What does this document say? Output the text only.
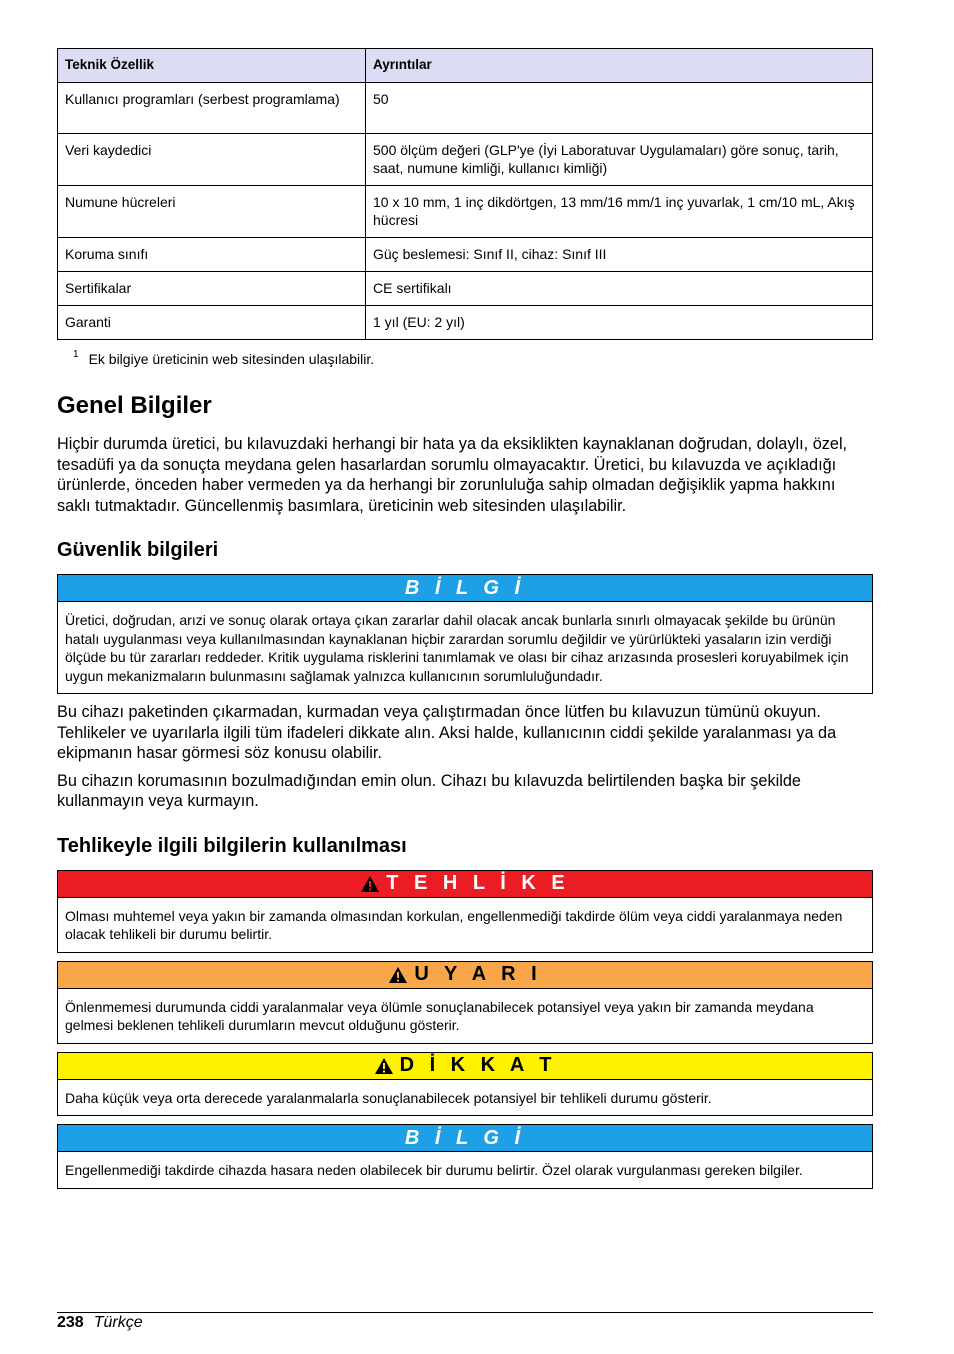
Teknik Özellik	Ayrıntılar
Kullanıcı programları (serbest programlama)	50
Veri kaydedici	500 ölçüm değeri (GLP'ye (İyi Laboratuvar Uygulamaları) göre sonuç, tarih, saat, numune kimliği, kullanıcı kimliği)
Numune hücreleri	10 x 10 mm, 1 inç dikdörtgen, 13 mm/16 mm/1 inç yuvarlak, 1 cm/10 mL, Akış hücresi
Koruma sınıfı	Güç beslemesi: Sınıf II, cihaz: Sınıf III
Sertifikalar	CE sertifikalı
Garanti	1 yıl (EU: 2 yıl)
$^1$ Ek bilgiye üreticinin web sitesinden ulaşılabilir.
Genel Bilgiler

Hiçbir durumda üretici, bu kılavuzdaki herhangi bir hata ya da eksiklikten kaynaklanan doğrudan, dolaylı, özel, tesadüfi ya da sonuçta meydana gelen hasarlardan sorumlu olmayacaktır. Üretici, bu kılavuzda ve açıkladığı ürünlerde, önceden haber vermeden ya da herhangi bir zorunluluğa sahip olmadan değişiklik yapma hakkını saklı tutmaktadır. Güncellenmiş basımlara, üreticinin web sitesinden ulaşılabilir.

Güvenlik bilgileri
B İ L G İ
Üretici, doğrudan, arızi ve sonuç olarak ortaya çıkan zararlar dahil olacak ancak bunlarla sınırlı olmayacak şekilde bu ürünün hatalı uygulanması veya kullanılmasından kaynaklanan hiçbir zarardan sorumlu değildir ve yürürlükteki yasaların izin verdiği ölçüde bu tür zararları reddeder. Kritik uygulama risklerini tanımlamak ve olası bir cihaz arızasında prosesleri koruyabilmek için uygun mekanizmaların bulunmasını sağlamak yalnızca kullanıcının sorumluluğundadır.

Bu cihazı paketinden çıkarmadan, kurmadan veya çalıştırmadan önce lütfen bu kılavuzun tümünü okuyun. Tehlikeler ve uyarılarla ilgili tüm ifadeleri dikkate alın. Aksi halde, kullanıcının ciddi şekilde yaralanması ya da ekipmanın hasar görmesi söz konusu olabilir.

Bu cihazın korumasının bozulmadığından emin olun. Cihazı bu kılavuzda belirtilenden başka bir şekilde kullanmayın veya kurmayın.

Tehlikeyle ilgili bilgilerin kullanılması
T E H L İ K E
Olması muhtemel veya yakın bir zamanda olmasından korkulan, engellenmediği takdirde ölüm veya ciddi yaralanmaya neden olacak tehlikeli bir durumu belirtir.
U Y A R I
Önlenmemesi durumunda ciddi yaralanmalar veya ölümle sonuçlanabilecek potansiyel veya yakın bir zamanda meydana gelmesi beklenen tehlikeli durumların mevcut olduğunu gösterir.
D İ K K A T
Daha küçük veya orta derecede yaralanmalarla sonuçlanabilecek potansiyel bir tehlikeli durumu gösterir.
B İ L G İ
Engellenmediği takdirde cihazda hasara neden olabilecek bir durumu belirtir. Özel olarak vurgulanması gereken bilgiler.
238 Türkçe
